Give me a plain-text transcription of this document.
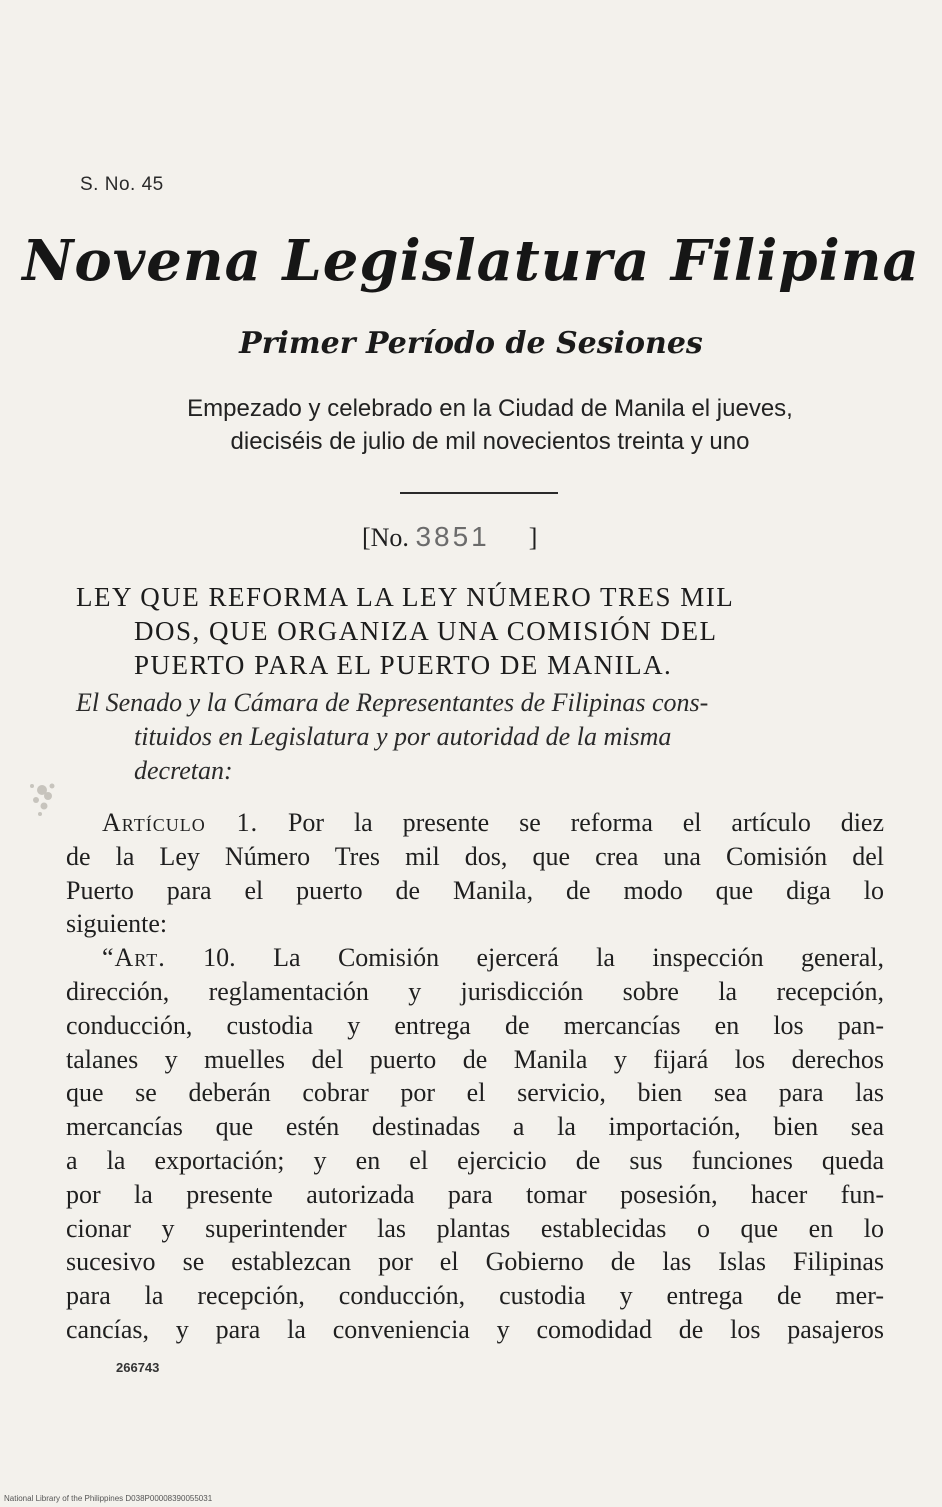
S. No. 45
Novena Legislatura Filipina
Primer Período de Sesiones
Empezado y celebrado en la Ciudad de Manila el jueves,
dieciséis de julio de mil novecientos treinta y uno
[No. 3851 ]
LEY QUE REFORMA LA LEY NÚMERO TRES MIL
DOS, QUE ORGANIZA UNA COMISIÓN DEL
PUERTO PARA EL PUERTO DE MANILA.
El Senado y la Cámara de Representantes de Filipinas cons-
tituidos en Legislatura y por autoridad de la misma
decretan:
Artículo 1. Por la presente se reforma el artículo diez
de la Ley Número Tres mil dos, que crea una Comisión del
Puerto para el puerto de Manila, de modo que diga lo
siguiente:
“Art. 10. La Comisión ejercerá la inspección general,
dirección, reglamentación y jurisdicción sobre la recepción,
conducción, custodia y entrega de mercancías en los pan-
talanes y muelles del puerto de Manila y fijará los derechos
que se deberán cobrar por el servicio, bien sea para las
mercancías que estén destinadas a la importación, bien sea
a la exportación; y en el ejercicio de sus funciones queda
por la presente autorizada para tomar posesión, hacer fun-
cionar y superintender las plantas establecidas o que en lo
sucesivo se establezcan por el Gobierno de las Islas Filipinas
para la recepción, conducción, custodia y entrega de mer-
cancías, y para la conveniencia y comodidad de los pasajeros
266743
National Library of the Philippines D038P00008390055031
